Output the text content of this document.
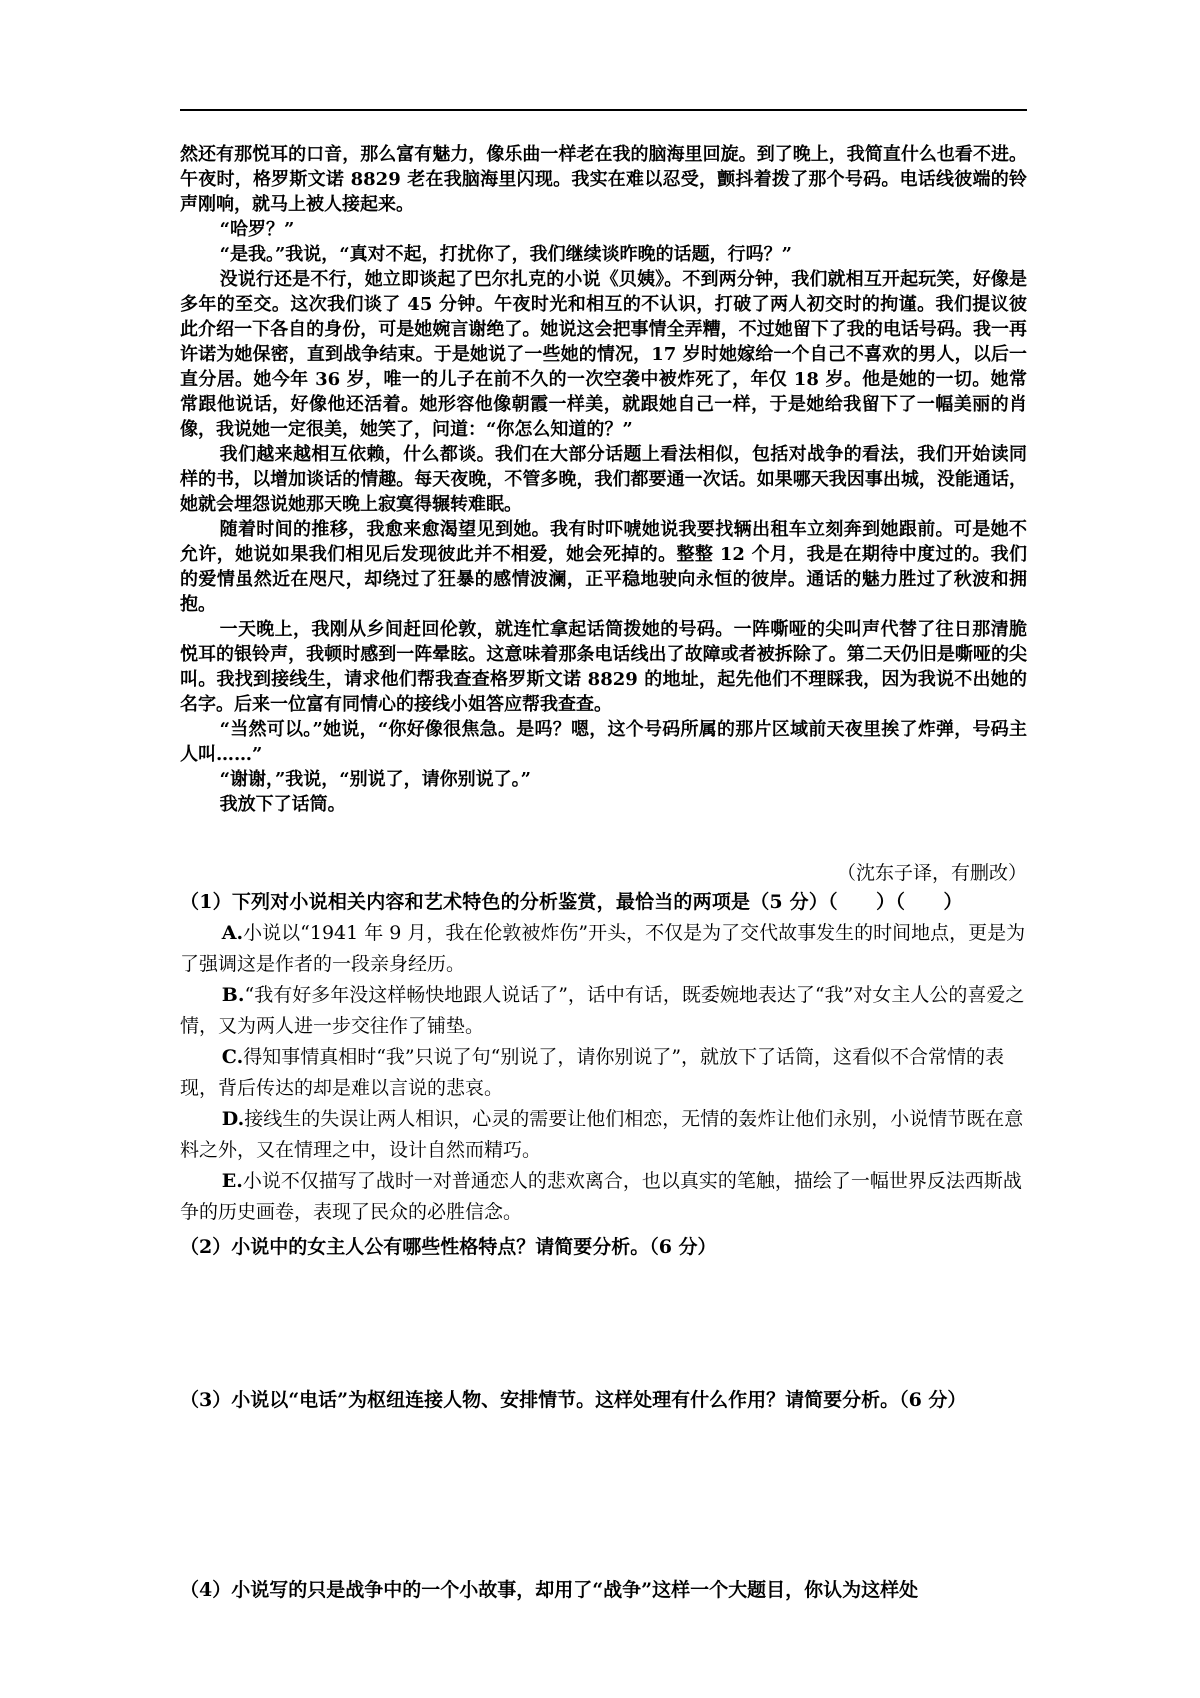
然还有那悦耳的口音，那么富有魅力，像乐曲一样老在我的脑海里回旋。到了晚上，我简直什么也看不进。午夜时，格罗斯文诺 8829 老在我脑海里闪现。我实在难以忍受，颤抖着拨了那个号码。电话线彼端的铃声刚响，就马上被人接起来。

“哈罗？”

“是我。”我说，“真对不起，打扰你了，我们继续谈昨晚的话题，行吗？”

没说行还是不行，她立即谈起了巴尔扎克的小说《贝姨》。不到两分钟，我们就相互开起玩笑，好像是多年的至交。这次我们谈了 45 分钟。午夜时光和相互的不认识，打破了两人初交时的拘谨。我们提议彼此介绍一下各自的身份，可是她婉言谢绝了。她说这会把事情全弄糟，不过她留下了我的电话号码。我一再许诺为她保密，直到战争结束。于是她说了一些她的情况，17 岁时她嫁给一个自己不喜欢的男人，以后一直分居。她今年 36 岁，唯一的儿子在前不久的一次空袭中被炸死了，年仅 18 岁。他是她的一切。她常常跟他说话，好像他还活着。她形容他像朝霞一样美，就跟她自己一样，于是她给我留下了一幅美丽的肖像，我说她一定很美，她笑了，问道：“你怎么知道的？”

我们越来越相互依赖，什么都谈。我们在大部分话题上看法相似，包括对战争的看法，我们开始读同样的书，以增加谈话的情趣。每天夜晚，不管多晚，我们都要通一次话。如果哪天我因事出城，没能通话，她就会埋怨说她那天晚上寂寞得辗转难眠。

随着时间的推移，我愈来愈渴望见到她。我有时吓唬她说我要找辆出租车立刻奔到她跟前。可是她不允许，她说如果我们相见后发现彼此并不相爱，她会死掉的。整整 12 个月，我是在期待中度过的。我们的爱情虽然近在咫尺，却绕过了狂暴的感情波澜，正平稳地驶向永恒的彼岸。通话的魅力胜过了秋波和拥抱。

一天晚上，我刚从乡间赶回伦敦，就连忙拿起话筒拨她的号码。一阵嘶哑的尖叫声代替了往日那清脆悦耳的银铃声，我顿时感到一阵晕眩。这意味着那条电话线出了故障或者被拆除了。第二天仍旧是嘶哑的尖叫。我找到接线生，请求他们帮我查查格罗斯文诺 8829 的地址，起先他们不理睬我，因为我说不出她的名字。后来一位富有同情心的接线小姐答应帮我查查。

“当然可以。”她说，“你好像很焦急。是吗？嗯，这个号码所属的那片区域前天夜里挨了炸弹，号码主人叫……”

“谢谢，”我说，“别说了，请你别说了。”

我放下了话筒。

（沈东子译，有删改）

（1）下列对小说相关内容和艺术特色的分析鉴赏，最恰当的两项是（5 分）（　　）（　　）

A.小说以“1941 年 9 月，我在伦敦被炸伤”开头，不仅是为了交代故事发生的时间地点，更是为了强调这是作者的一段亲身经历。

B.“我有好多年没这样畅快地跟人说话了”，话中有话，既委婉地表达了“我”对女主人公的喜爱之情，又为两人进一步交往作了铺垫。

C.得知事情真相时“我”只说了句“别说了，请你别说了”，就放下了话筒，这看似不合常情的表现，背后传达的却是难以言说的悲哀。

D.接线生的失误让两人相识，心灵的需要让他们相恋，无情的轰炸让他们永别，小说情节既在意料之外，又在情理之中，设计自然而精巧。

E.小说不仅描写了战时一对普通恋人的悲欢离合，也以真实的笔触，描绘了一幅世界反法西斯战争的历史画卷，表现了民众的必胜信念。

（2）小说中的女主人公有哪些性格特点？请简要分析。（6 分）
（3）小说以“电话”为枢纽连接人物、安排情节。这样处理有什么作用？请简要分析。（6 分）
（4）小说写的只是战争中的一个小故事，却用了“战争”这样一个大题目，你认为这样处
